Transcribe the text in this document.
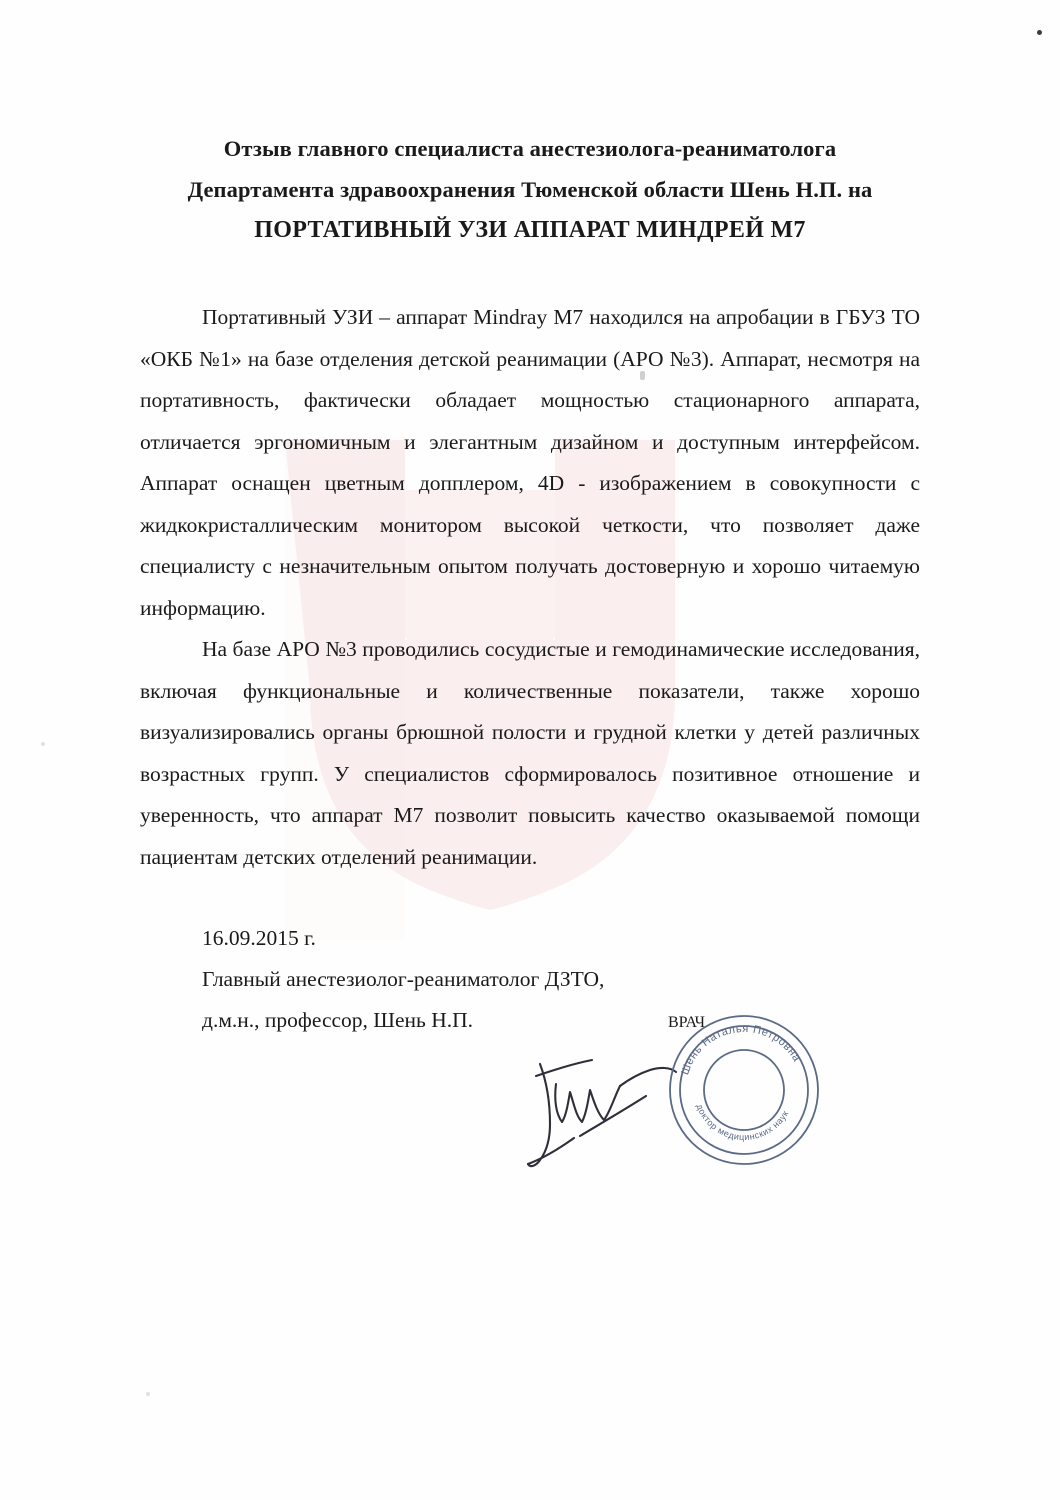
Отзыв главного специалиста анестезиолога-реаниматолога
Департамента здравоохранения Тюменской области Шень Н.П. на
ПОРТАТИВНЫЙ УЗИ АППАРАТ МИНДРЕЙ М7

Портативный УЗИ – аппарат Mindray M7 находился на апробации в ГБУЗ ТО «ОКБ №1» на базе отделения детской реанимации (АРО №3). Аппарат, несмотря на портативность, фактически обладает мощностью стационарного аппарата, отличается эргономичным и элегантным дизайном и доступным интерфейсом. Аппарат оснащен цветным допплером, 4D - изображением в совокупности с жидкокристаллическим монитором высокой четкости, что позволяет даже специалисту с незначительным опытом получать достоверную и хорошо читаемую информацию.

На базе АРО №3 проводились сосудистые и гемодинамические исследования, включая функциональные и количественные показатели, также хорошо визуализировались органы брюшной полости и грудной клетки у детей различных возрастных групп. У специалистов сформировалось позитивное отношение и уверенность, что аппарат М7 позволит повысить качество оказываемой помощи пациентам детских отделений реанимации.

16.09.2015 г.
Главный анестезиолог-реаниматолог ДЗТО,
д.м.н., профессор, Шень Н.П.
Шень Наталья Петровна
доктор медицинских наук
ВРАЧ
